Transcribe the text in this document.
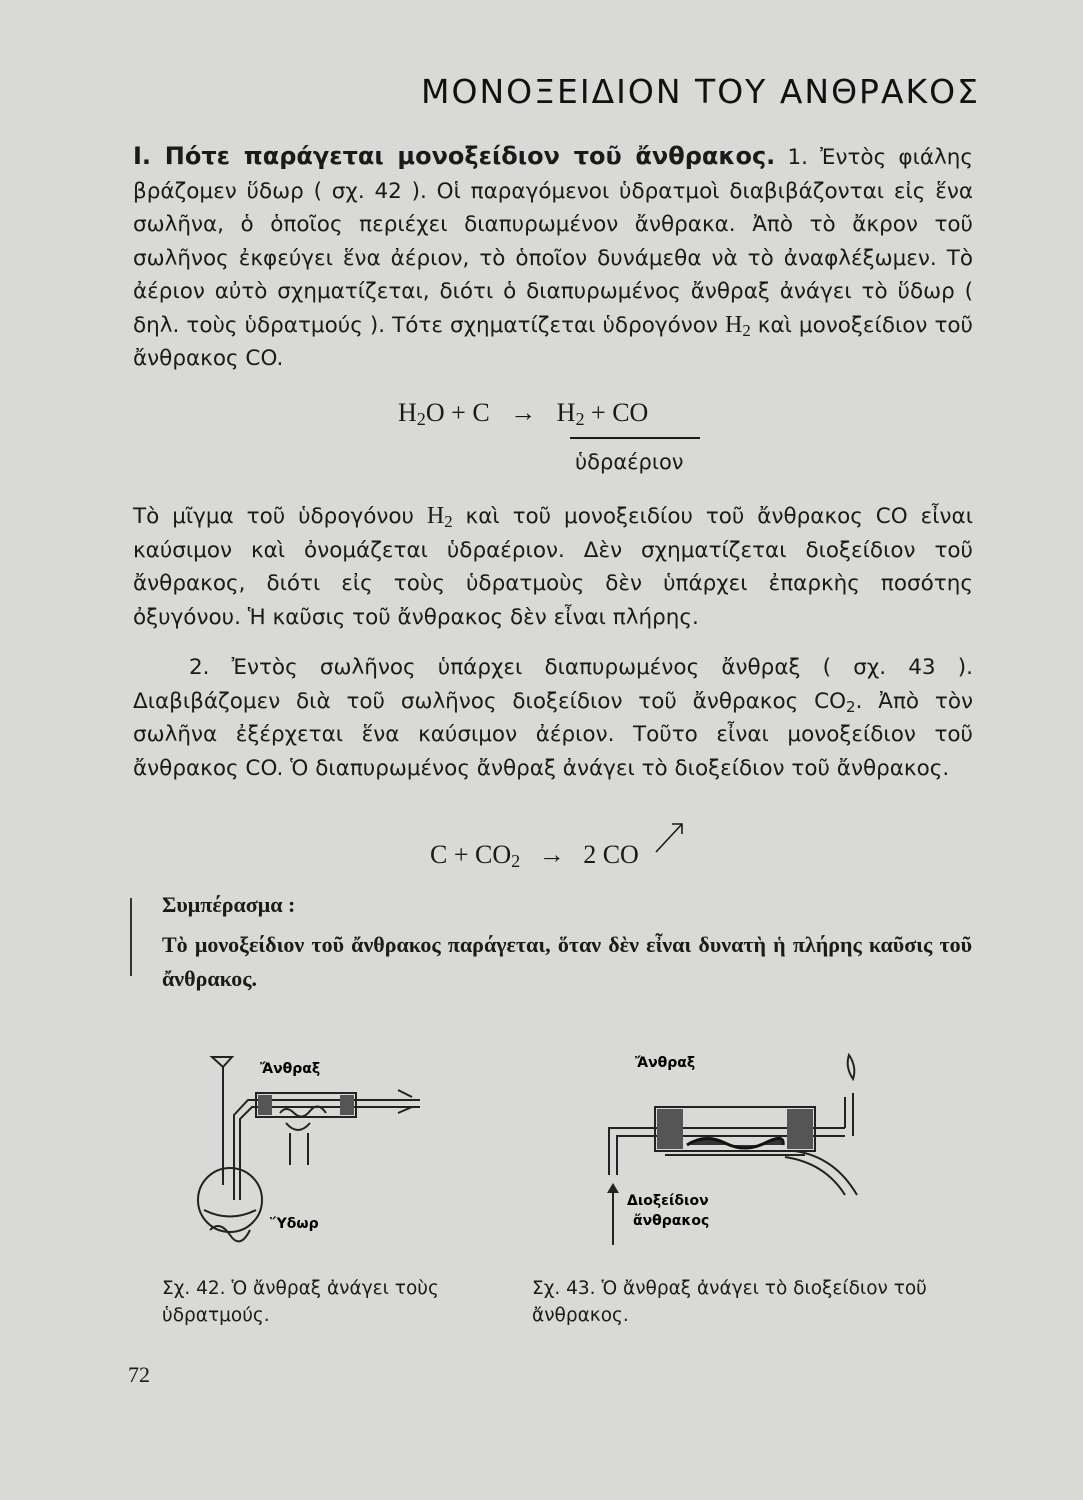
ΜΟΝΟΞΕΙΔΙΟΝ ΤΟΥ ΑΝΘΡΑΚΟΣ
I. Πότε παράγεται μονοξείδιον τοῦ ἄνθρακος. 1. Ἐντὸς φιάλης βράζομεν ὕδωρ ( σχ. 42 ). Οἱ παραγόμενοι ὑδρατμοὶ διαβιβάζονται εἰς ἕνα σωλῆνα, ὁ ὁποῖος περιέχει διαπυρωμένον ἄνθρακα. Ἀπὸ τὸ ἄκρον τοῦ σωλῆνος ἐκφεύγει ἕνα ἀέριον, τὸ ὁποῖον δυνάμεθα νὰ τὸ ἀναφλέξωμεν. Τὸ ἀέριον αὐτὸ σχηματίζεται, διότι ὁ διαπυρωμένος ἄνθραξ ἀνάγει τὸ ὕδωρ ( δηλ. τοὺς ὑδρατμούς ). Τότε σχηματίζεται ὑδρογόνον $H_2$ καὶ μονοξείδιον τοῦ ἄνθρακος CO.
$H_2O + C \to H_2$ + CO
ὑδραέριον
Τὸ μῖγμα τοῦ ὑδρογόνου $H_2$ καὶ τοῦ μονοξειδίου τοῦ ἄνθρακος CO εἶναι καύσιμον καὶ ὀνομάζεται ὑδραέριον. Δὲν σχηματίζεται διοξείδιον τοῦ ἄνθρακος, διότι εἰς τοὺς ὑδρατμοὺς δὲν ὑπάρχει ἐπαρκὴς ποσότης ὀξυγόνου. Ἡ καῦσις τοῦ ἄνθρακος δὲν εἶναι πλήρης.
2. Ἐντὸς σωλῆνος ὑπάρχει διαπυρωμένος ἄνθραξ ( σχ. 43 ). Διαβιβάζομεν διὰ τοῦ σωλῆνος διοξείδιον τοῦ ἄνθρακος $CO_2$. Ἀπὸ τὸν σωλῆνα ἐξέρχεται ἕνα καύσιμον ἀέριον. Τοῦτο εἶναι μονοξείδιον τοῦ ἄνθρακος CO. Ὁ διαπυρωμένος ἄνθραξ ἀνάγει τὸ διοξείδιον τοῦ ἄνθρακος.
$C + CO_2 \to 2$ CO
Συμπέρασμα :
Τὸ μονοξείδιον τοῦ ἄνθρακος παράγεται, ὅταν δὲν εἶναι δυνατὴ ἡ πλήρης καῦσις τοῦ ἄνθρακος.
Ἄνθραξ
Ὕδωρ
Σχ. 42. Ὁ ἄνθραξ ἀνάγει τοὺς ὑδρατμούς.
Ἄνθραξ
Διοξείδιον
ἄνθρακος
Σχ. 43. Ὁ ἄνθραξ ἀνάγει τὸ διοξείδιον τοῦ ἄνθρακος.
72
